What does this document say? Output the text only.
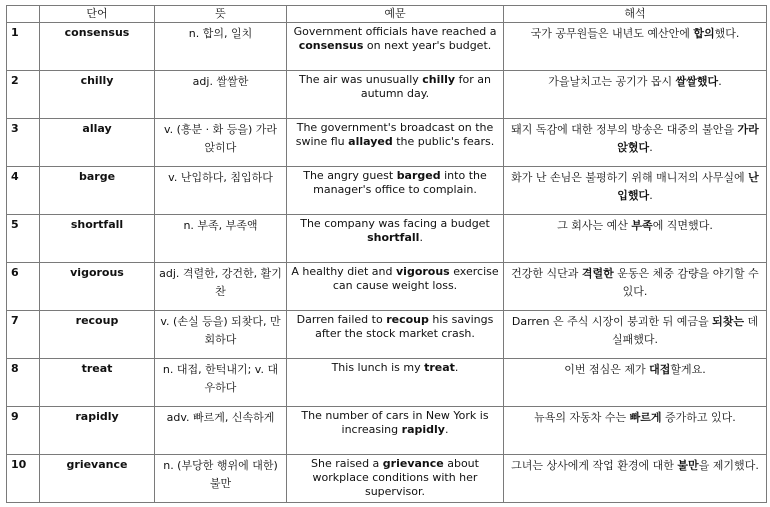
	단어	뜻	예문	해석
1	consensus	n. 합의, 일치	Government officials have reached a consensus on next year's budget.	국가 공무원들은 내년도 예산안에 합의했다.
2	chilly	adj. 쌀쌀한	The air was unusually chilly for an autumn day.	가을날치고는 공기가 몹시 쌀쌀했다.
3	allay	v. (흥분 · 화 등을) 가라앉히다	The government's broadcast on the swine flu allayed the public's fears.	돼지 독감에 대한 정부의 방송은 대중의 불안을 가라앉혔다.
4	barge	v. 난입하다, 침입하다	The angry guest barged into the manager's office to complain.	화가 난 손님은 불평하기 위해 매니저의 사무실에 난입했다.
5	shortfall	n. 부족, 부족액	The company was facing a budget shortfall.	그 회사는 예산 부족에 직면했다.
6	vigorous	adj. 격렬한, 강건한, 활기찬	A healthy diet and vigorous exercise can cause weight loss.	건강한 식단과 격렬한 운동은 체중 감량을 야기할 수 있다.
7	recoup	v. (손실 등을) 되찾다, 만회하다	Darren failed to recoup his savings after the stock market crash.	Darren 은 주식 시장이 붕괴한 뒤 예금을 되찾는 데 실패했다.
8	treat	n. 대접, 한턱내기; v. 대우하다	This lunch is my treat.	이번 점심은 제가 대접할게요.
9	rapidly	adv. 빠르게, 신속하게	The number of cars in New York is increasing rapidly.	뉴욕의 자동차 수는 빠르게 증가하고 있다.
10	grievance	n. (부당한 행위에 대한) 불만	She raised a grievance about workplace conditions with her supervisor.	그녀는 상사에게 작업 환경에 대한 불만을 제기했다.
